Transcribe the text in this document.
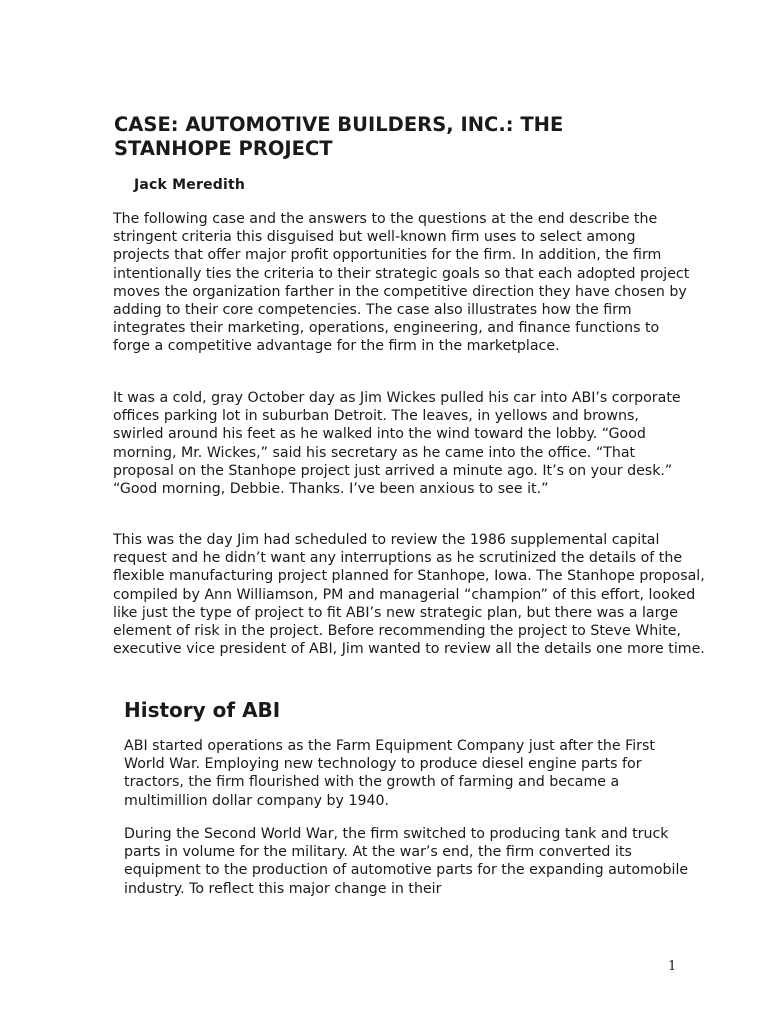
CASE: AUTOMOTIVE BUILDERS, INC.: THE STANHOPE PROJECT

Jack Meredith

The following case and the answers to the questions at the end describe the stringent criteria this disguised but well-known firm uses to select among projects that offer major profit opportunities for the firm. In addition, the firm intentionally ties the criteria to their strategic goals so that each adopted project moves the organization farther in the competitive direction they have chosen by adding to their core competencies. The case also illustrates how the firm integrates their marketing, operations, engineering, and finance functions to forge a competitive advantage for the firm in the marketplace.

It was a cold, gray October day as Jim Wickes pulled his car into ABI’s corporate offices parking lot in suburban Detroit. The leaves, in yellows and browns, swirled around his feet as he walked into the wind toward the lobby. “Good morning, Mr. Wickes,” said his secretary as he came into the office. “That proposal on the Stanhope project just arrived a minute ago. It’s on your desk.” “Good morning, Debbie. Thanks. I’ve been anxious to see it.”

This was the day Jim had scheduled to review the 1986 supplemental capital request and he didn’t want any interruptions as he scrutinized the details of the flexible manufacturing project planned for Stanhope, Iowa. The Stanhope proposal, compiled by Ann Williamson, PM and managerial “champion” of this effort, looked like just the type of project to fit ABI’s new strategic plan, but there was a large element of risk in the project. Before recommending the project to Steve White, executive vice president of ABI, Jim wanted to review all the details one more time.

History of ABI

ABI started operations as the Farm Equipment Company just after the First World War. Employing new technology to produce diesel engine parts for tractors, the firm flourished with the growth of farming and became a multimillion dollar company by 1940.

During the Second World War, the firm switched to producing tank and truck parts in volume for the military. At the war’s end, the firm converted its equipment to the production of automotive parts for the expanding automobile industry. To reflect this major change in their

1
